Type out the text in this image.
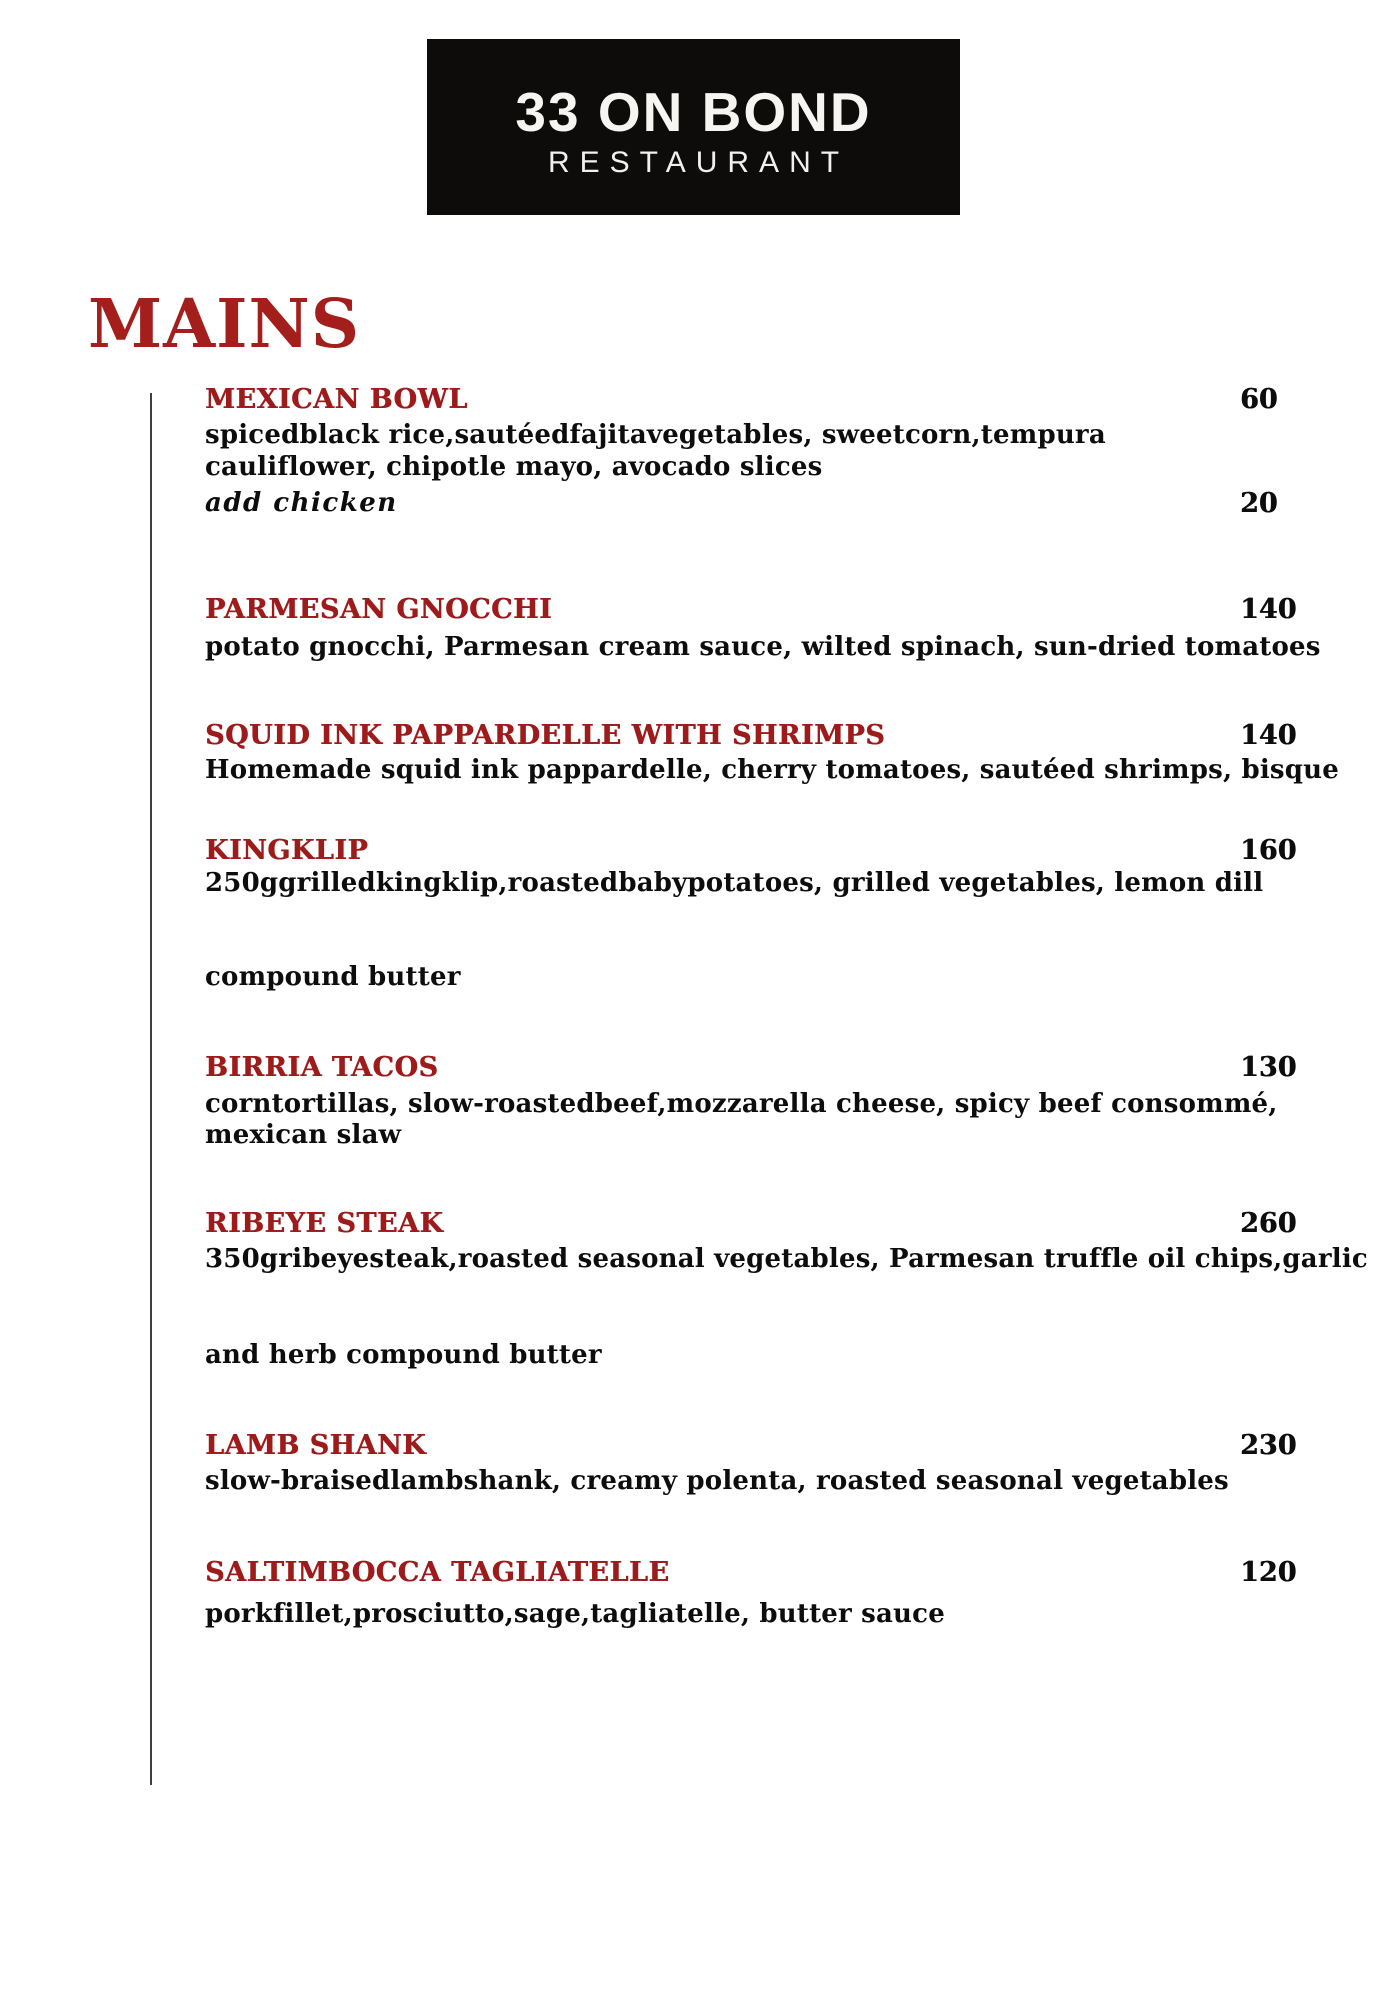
33 ON BOND
RESTAURANT
MAINS
MEXICAN BOWL	60
spicedblack rice,sautéedfajitavegetables, sweetcorn,tempura
cauliflower, chipotle mayo, avocado slices
add chicken	20
PARMESAN GNOCCHI	140
potato gnocchi, Parmesan cream sauce, wilted spinach, sun-dried tomatoes
SQUID INK PAPPARDELLE WITH SHRIMPS	140
Homemade squid ink pappardelle, cherry tomatoes, sautéed shrimps, bisque
KINGKLIP	160
250ggrilledkingklip,roastedbabypotatoes, grilled vegetables, lemon dill
compound butter
BIRRIA TACOS	130
corntortillas, slow-roastedbeef,mozzarella cheese, spicy beef consommé,
mexican slaw
RIBEYE STEAK	260
350gribeyesteak,roasted seasonal vegetables, Parmesan truffle oil chips,garlic
and herb compound butter
LAMB SHANK	230
slow-braisedlambshank, creamy polenta, roasted seasonal vegetables
SALTIMBOCCA TAGLIATELLE	120
porkfillet,prosciutto,sage,tagliatelle, butter sauce
